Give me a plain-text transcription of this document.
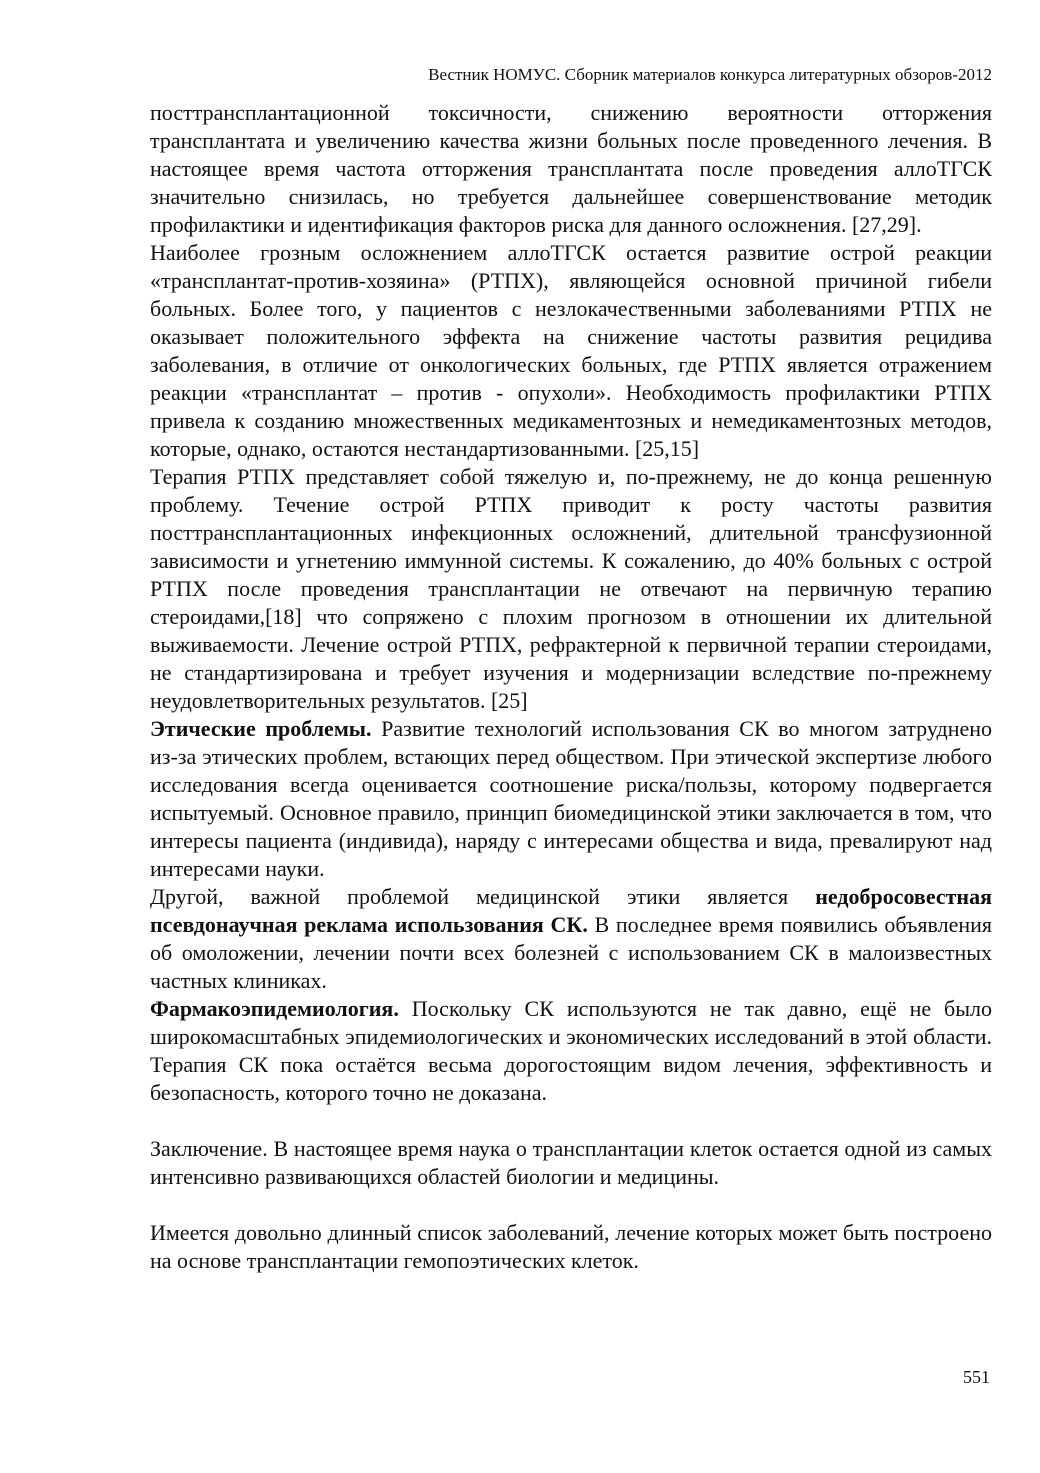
Вестник НОМУС. Сборник материалов конкурса литературных обзоров-2012

посттрансплантационной токсичности, снижению вероятности отторжения трансплантата и увеличению качества жизни больных после проведенного лечения. В настоящее время частота отторжения трансплантата после проведения аллоТГСК значительно снизилась, но требуется дальнейшее совершенствование методик профилактики и идентификация факторов риска для данного осложнения. [27,29].

Наиболее грозным осложнением аллоТГСК остается развитие острой реакции «трансплантат-против-хозяина» (РТПХ), являющейся основной причиной гибели больных. Более того, у пациентов с незлокачественными заболеваниями РТПХ не оказывает положительного эффекта на снижение частоты развития рецидива заболевания, в отличие от онкологических больных, где РТПХ является отражением реакции «трансплантат – против - опухоли». Необходимость профилактики РТПХ привела к созданию множественных медикаментозных и немедикаментозных методов, которые, однако, остаются нестандартизованными. [25,15]

Терапия РТПХ представляет собой тяжелую и, по-прежнему, не до конца решенную проблему. Течение острой РТПХ приводит к росту частоты развития посттрансплантационных инфекционных осложнений, длительной трансфузионной зависимости и угнетению иммунной системы. К сожалению, до 40% больных с острой РТПХ после проведения трансплантации не отвечают на первичную терапию стероидами,[18] что сопряжено с плохим прогнозом в отношении их длительной выживаемости. Лечение острой РТПХ, рефрактерной к первичной терапии стероидами, не стандартизирована и требует изучения и модернизации вследствие по-прежнему неудовлетворительных результатов. [25]

Этические проблемы. Развитие технологий использования СК во многом затруднено из-за этических проблем, встающих перед обществом. При этической экспертизе любого исследования всегда оценивается соотношение риска/пользы, которому подвергается испытуемый. Основное правило, принцип биомедицинской этики заключается в том, что интересы пациента (индивида), наряду с интересами общества и вида, превалируют над интересами науки.

Другой, важной проблемой медицинской этики является недобросовестная псевдонаучная реклама использования СК. В последнее время появились объявления об омоложении, лечении почти всех болезней с использованием СК в малоизвестных частных клиниках.

Фармакоэпидемиология. Поскольку СК используются не так давно, ещё не было широкомасштабных эпидемиологических и экономических исследований в этой области. Терапия СК пока остаётся весьма дорогостоящим видом лечения, эффективность и безопасность, которого точно не доказана.

Заключение. В настоящее время наука о трансплантации клеток остается одной из самых интенсивно развивающихся областей биологии и медицины.

Имеется довольно длинный список заболеваний, лечение которых может быть построено на основе трансплантации гемопоэтических клеток.

551
